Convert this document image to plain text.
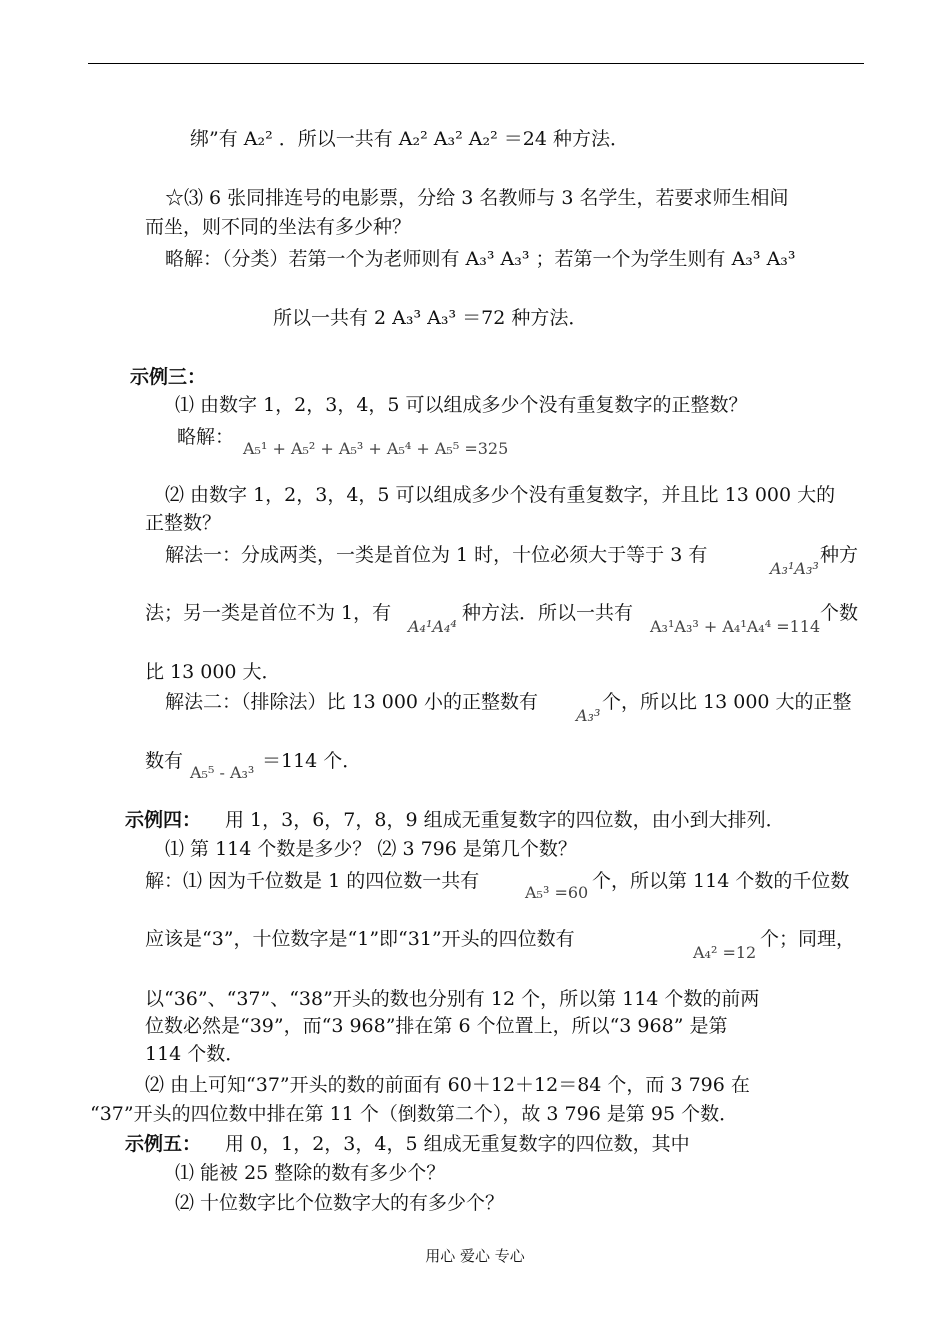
绑”有 A₂² ．所以一共有 A₂² A₃² A₂² ＝24 种方法．
☆⑶ 6 张同排连号的电影票，分给 3 名教师与 3 名学生，若要求师生相间
而坐，则不同的坐法有多少种？
略解：（分类）若第一个为老师则有 A₃³ A₃³ ；若第一个为学生则有 A₃³ A₃³
所以一共有 2 A₃³ A₃³ ＝72 种方法．
示例三：
⑴ 由数字 1，2，3，4，5 可以组成多少个没有重复数字的正整数？
略解：
A₅¹ + A₅² + A₅³ + A₅⁴ + A₅⁵ =325
⑵ 由数字 1，2，3，4，5 可以组成多少个没有重复数字，并且比 13 000 大的
正整数？
解法一：分成两类，一类是首位为 1 时，十位必须大于等于 3 有
A₃¹A₃³
种方
法；另一类是首位不为 1，有
A₄¹A₄⁴
种方法．所以一共有
A₃¹A₃³ + A₄¹A₄⁴ =114
个数
比 13 000 大．
解法二：（排除法）比 13 000 小的正整数有
A₃³
个，所以比 13 000 大的正整
数有
A₅⁵ - A₃³
＝114 个．
示例四： 用 1，3，6，7，8，9 组成无重复数字的四位数，由小到大排列．
⑴ 第 114 个数是多少？ ⑵ 3 796 是第几个数？
解：⑴ 因为千位数是 1 的四位数一共有
A₅³ =60
个，所以第 114 个数的千位数
应该是“3”，十位数字是“1”即“31”开头的四位数有
A₄² =12
个；同理，
以“36”、“37”、“38”开头的数也分别有 12 个，所以第 114 个数的前两
位数必然是“39”，而“3 968”排在第 6 个位置上，所以“3 968” 是第
114 个数．
⑵ 由上可知“37”开头的数的前面有 60＋12＋12＝84 个，而 3 796 在
“37”开头的四位数中排在第 11 个（倒数第二个），故 3 796 是第 95 个数．
示例五： 用 0，1，2，3，4，5 组成无重复数字的四位数，其中
⑴ 能被 25 整除的数有多少个？
⑵ 十位数字比个位数字大的有多少个？
用心 爱心 专心
